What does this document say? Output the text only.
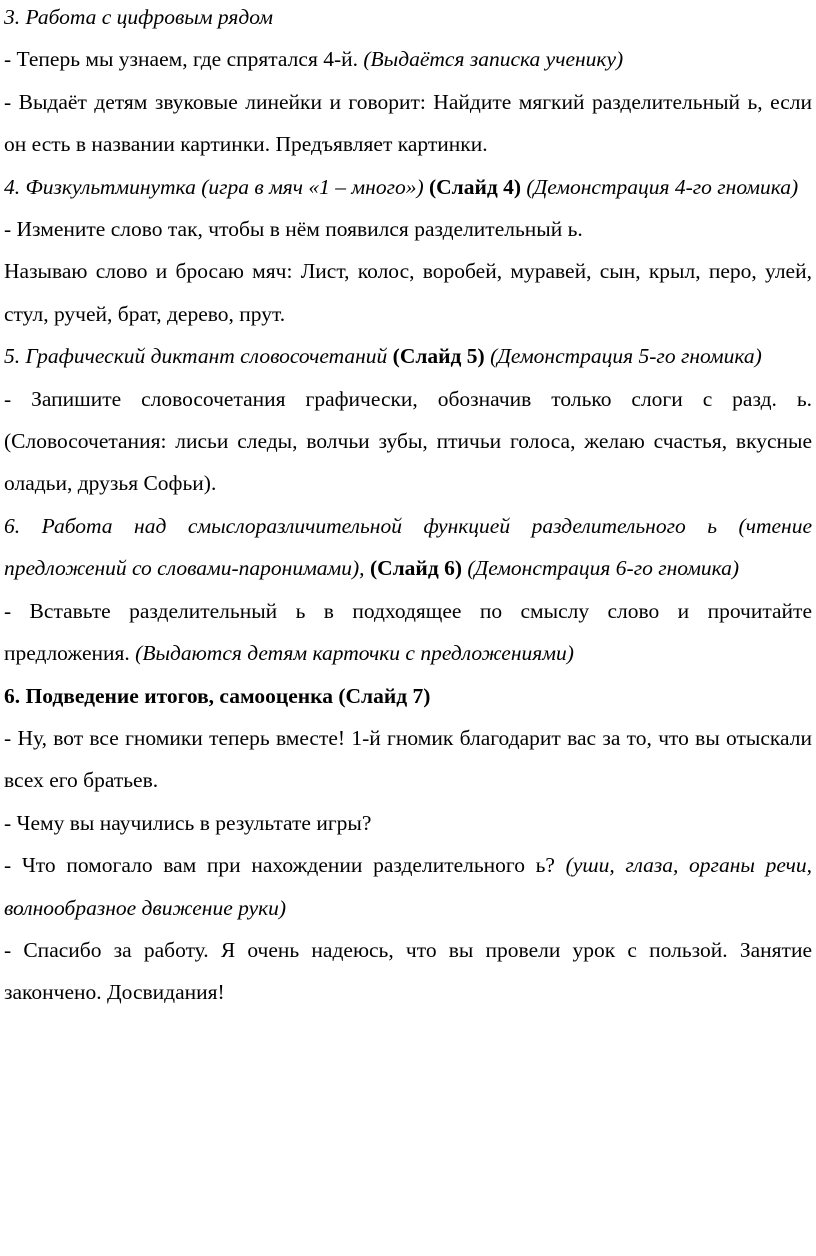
3. Работа с цифровым рядом

- Теперь мы узнаем, где спрятался 4-й. (Выдаётся записка ученику)

- Выдаёт детям звуковые линейки и говорит: Найдите мягкий разделительный ь, если он есть в названии картинки. Предъявляет картинки.

4. Физкультминутка (игра в мяч «1 – много») (Слайд 4) (Демонстрация 4-го гномика)

- Измените слово так, чтобы в нём появился разделительный ь.

Называю слово и бросаю мяч: Лист, колос, воробей, муравей, сын, крыл, перо, улей, стул, ручей, брат, дерево, прут.

5. Графический диктант словосочетаний (Слайд 5) (Демонстрация 5-го гномика)

- Запишите словосочетания графически, обозначив только слоги с разд. ь. (Словосочетания: лисьи следы, волчьи зубы, птичьи голоса, желаю счастья, вкусные оладьи, друзья Софьи).

6. Работа над смыслоразличительной функцией разделительного ь (чтение предложений со словами-паронимами), (Слайд 6) (Демонстрация 6-го гномика)

- Вставьте разделительный ь в подходящее по смыслу слово и прочитайте предложения. (Выдаются детям карточки с предложениями)

6. Подведение итогов, самооценка (Слайд 7)

- Ну, вот все гномики теперь вместе! 1-й гномик благодарит вас за то, что вы отыскали всех его братьев.

- Чему вы научились в результате игры?

- Что помогало вам при нахождении разделительного ь? (уши, глаза, органы речи, волнообразное движение руки)

- Спасибо за работу. Я очень надеюсь, что вы провели урок с пользой. Занятие закончено. Досвидания!
